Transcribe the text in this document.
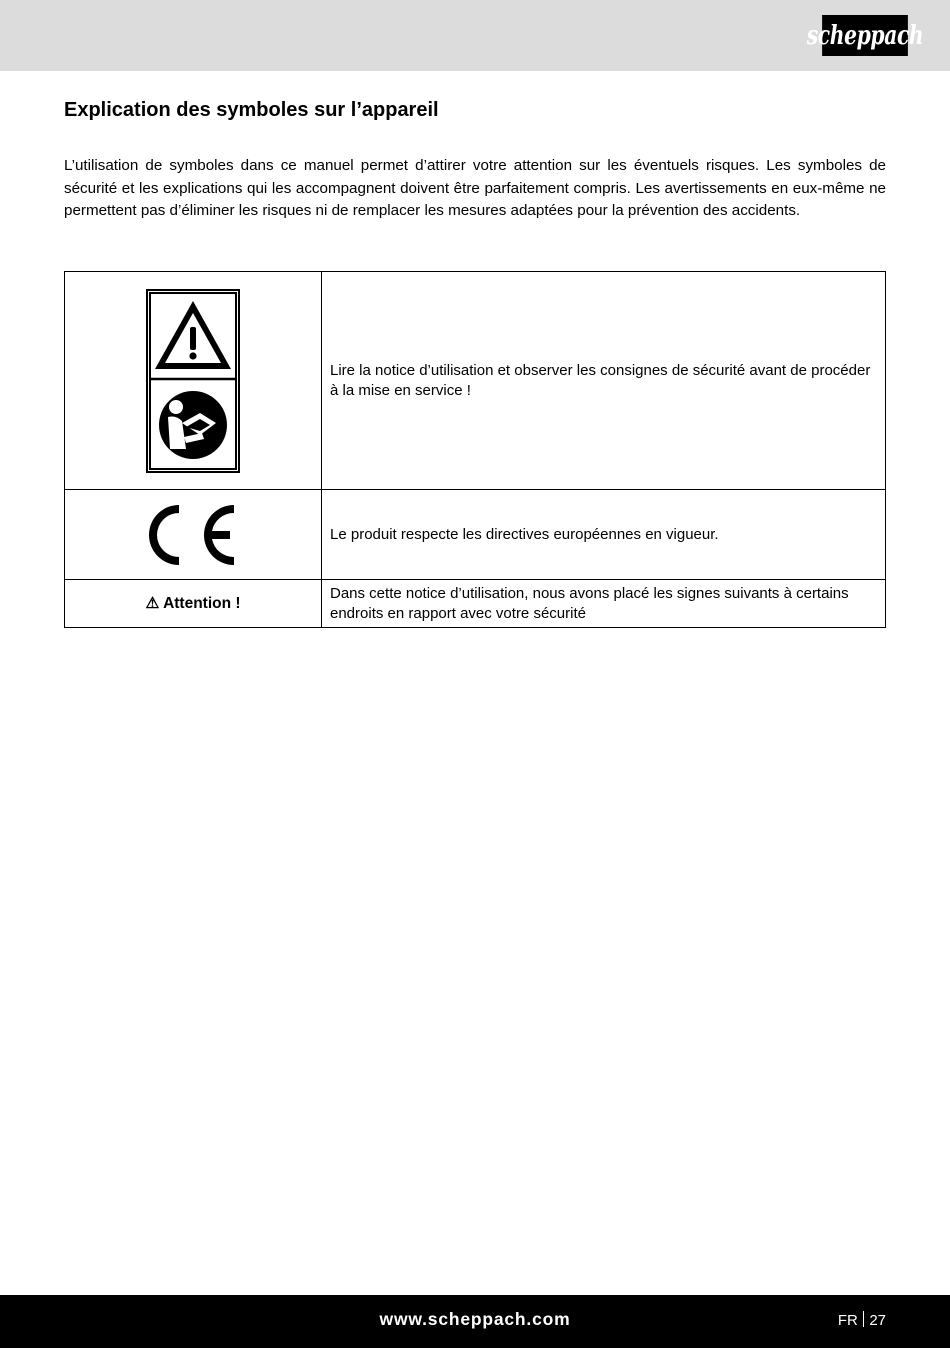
scheppach
Explication des symboles sur l’appareil

L’utilisation de symboles dans ce manuel permet d’attirer votre attention sur les éventuels risques. Les symboles de sécurité et les explications qui les accompagnent doivent être parfaitement compris. Les avertissements en eux-même ne permettent pas d’éliminer les risques ni de remplacer les mesures adaptées pour la prévention des accidents.

	Lire la notice d’utilisation et observer les consignes de sécurité avant de procéder à la mise en service !

	Le produit respecte les directives européennes en vigueur.
⚠ Attention !	Dans cette notice d’utilisation, nous avons placé les signes suivants à certains endroits en rapport avec votre sécurité
www.scheppach.com	FR 27
